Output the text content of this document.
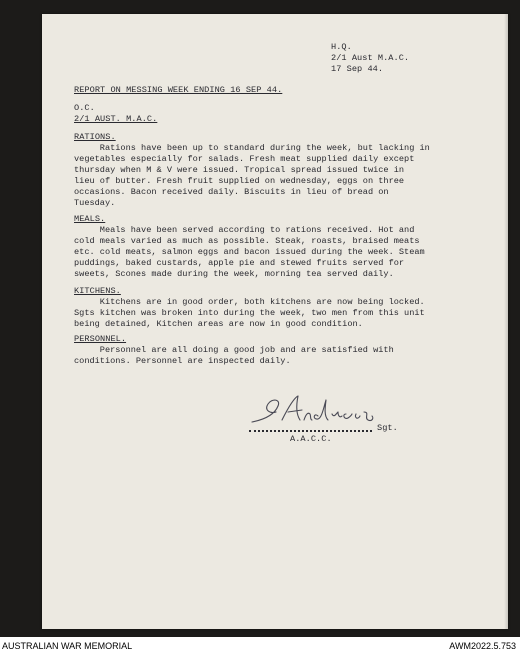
H.Q.

2/1 Aust M.A.C.

17 Sep 44.

REPORT ON MESSING WEEK ENDING 16 SEP 44.

O.C.

2/1 AUST. M.A.C.

RATIONS.

Rations have been up to standard during the week, but lacking in

vegetables especially for salads. Fresh meat supplied daily except

thursday when M & V were issued. Tropical spread issued twice in

lieu of butter. Fresh fruit supplied on wednesday, eggs on three

occasions. Bacon received daily. Biscuits in lieu of bread on

Tuesday.

MEALS.

Meals have been served according to rations received. Hot and

cold meals varied as much as possible. Steak, roasts, braised meats

etc. cold meats, salmon eggs and bacon issued during the week. Steam

puddings, baked custards, apple pie and stewed fruits served for

sweets, Scones made during the week, morning tea served daily.

KITCHENS.

Kitchens are in good order, both kitchens are now being locked.

Sgts kitchen was broken into during the week, two men from this unit

being detained, Kitchen areas are now in good condition.

PERSONNEL.

Personnel are all doing a good job and are satisfied with

conditions. Personnel are inspected daily.

Sgt.

A.A.C.C.

AUSTRALIAN WAR MEMORIAL	AWM2022.5.753
